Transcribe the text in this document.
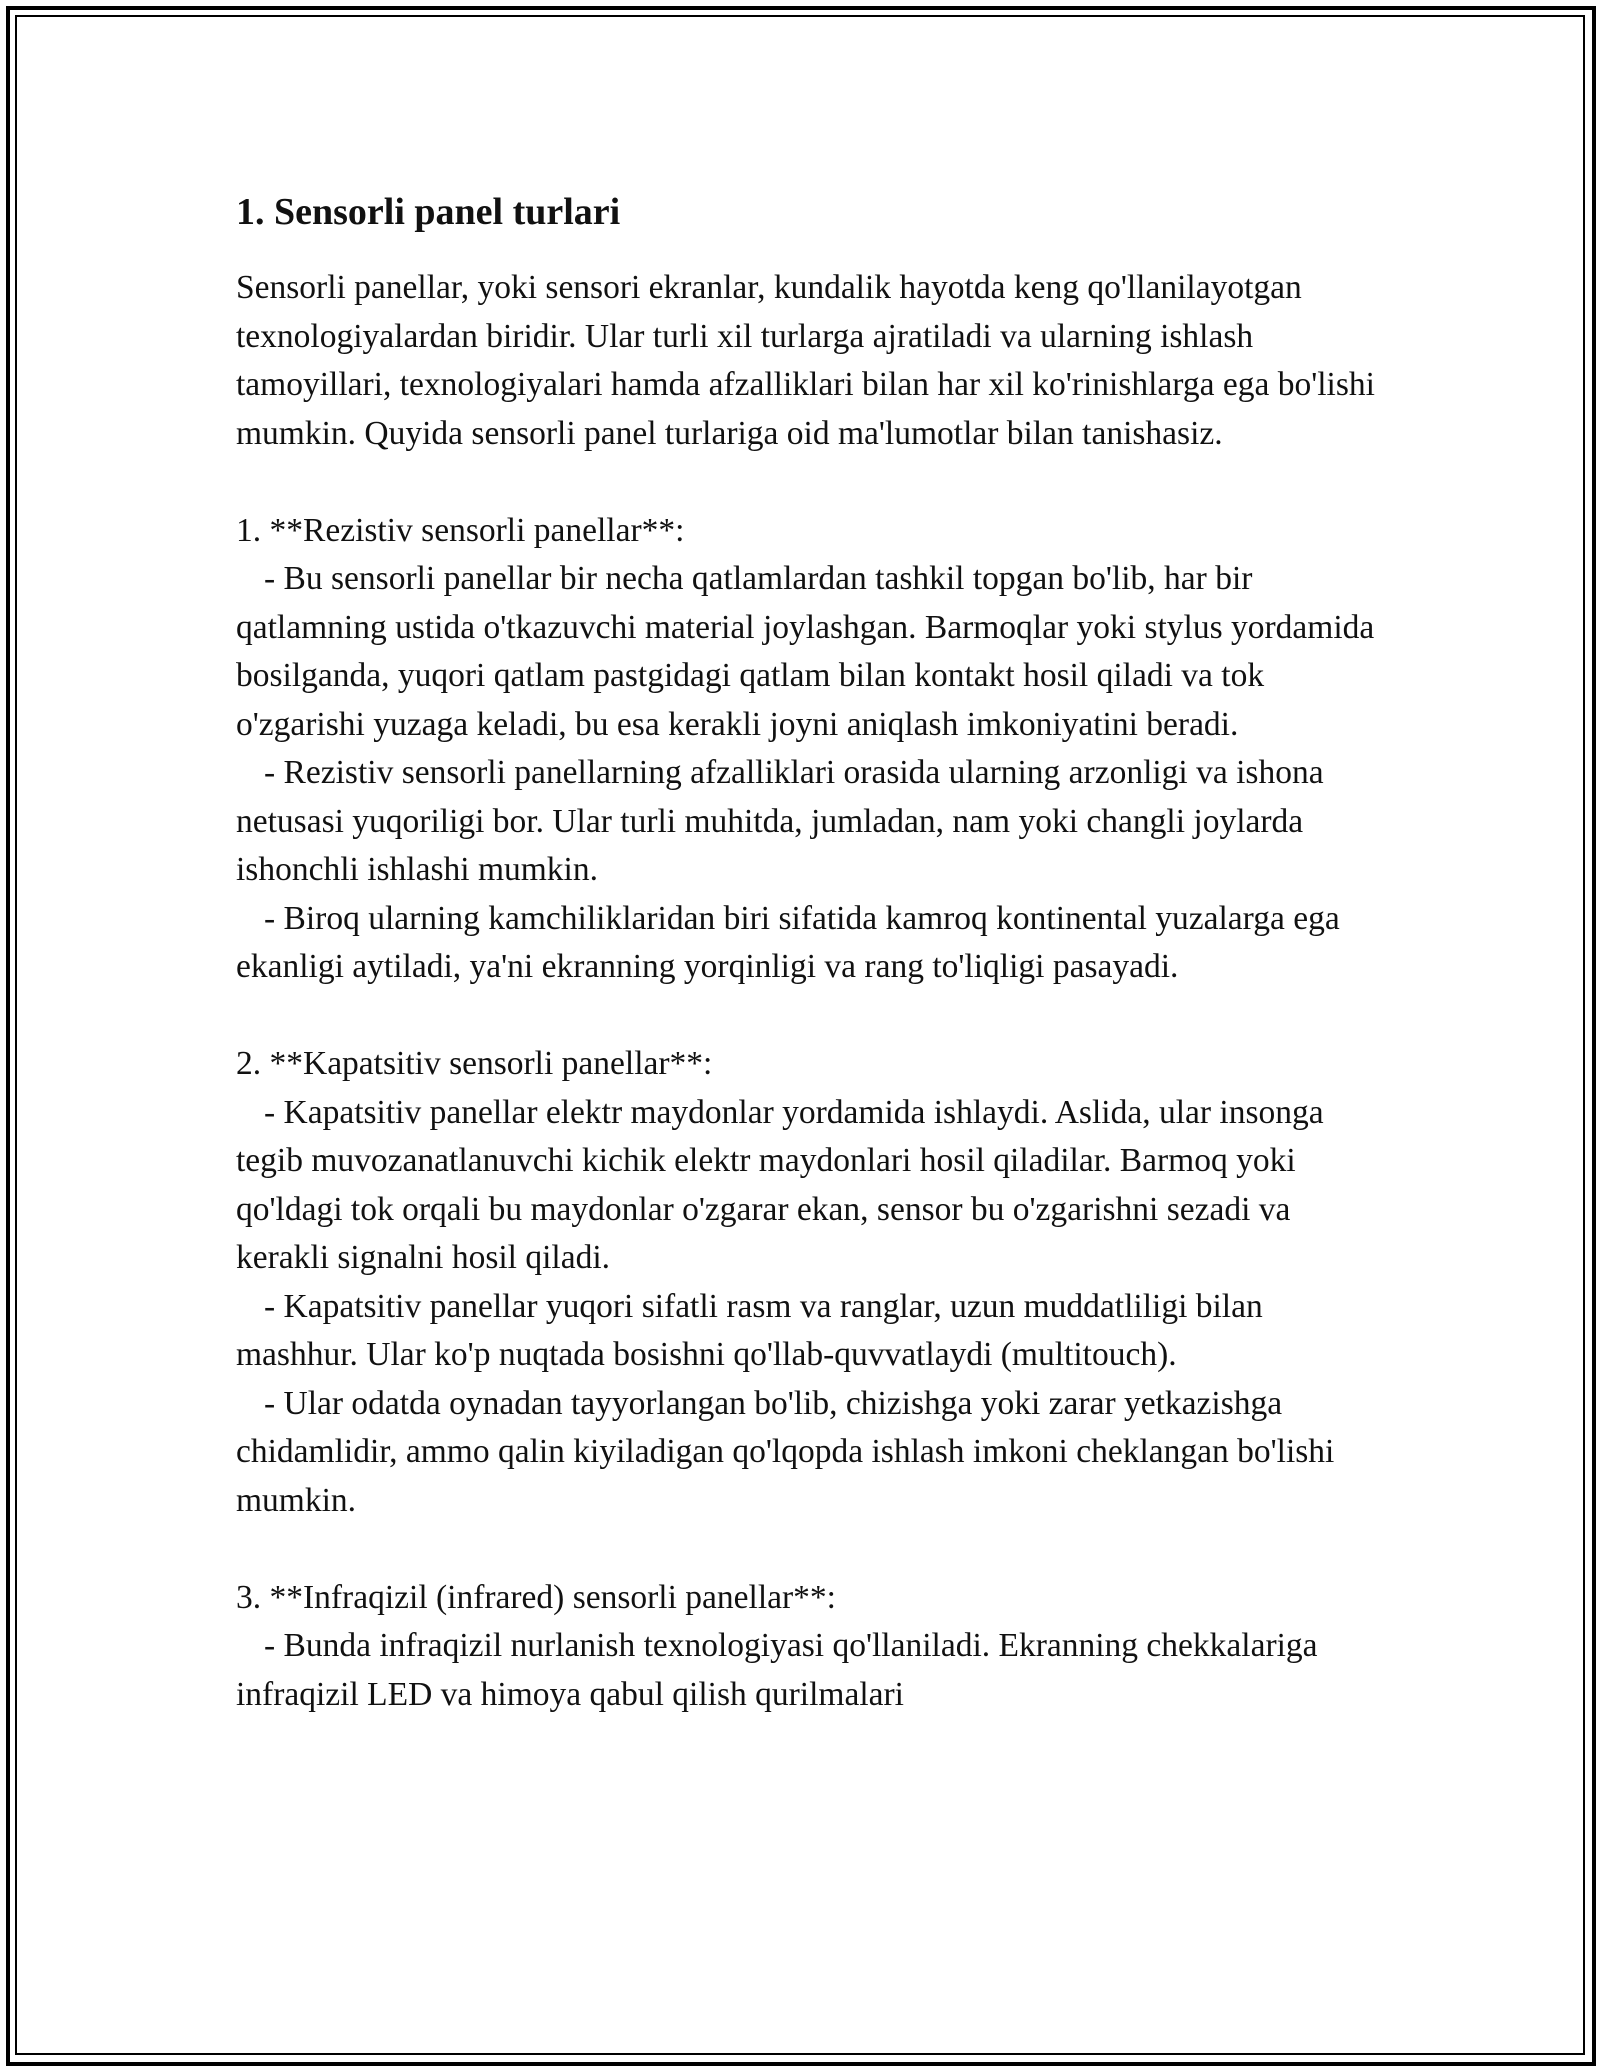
1. Sensorli panel turlari

Sensorli panellar, yoki sensori ekranlar, kundalik hayotda keng qo'llanilayotgan texnologiyalardan biridir. Ular turli xil turlarga ajratiladi va ularning ishlash tamoyillari, texnologiyalari hamda afzalliklari bilan har xil ko'rinishlarga ega bo'lishi mumkin. Quyida sensorli panel turlariga oid ma'lumotlar bilan tanishasiz.

1. **Rezistiv sensorli panellar**:

- Bu sensorli panellar bir necha qatlamlardan tashkil topgan bo'lib, har bir qatlamning ustida o'tkazuvchi material joylashgan. Barmoqlar yoki stylus yordamida bosilganda, yuqori qatlam pastgidagi qatlam bilan kontakt hosil qiladi va tok o'zgarishi yuzaga keladi, bu esa kerakli joyni aniqlash imkoniyatini beradi.

- Rezistiv sensorli panellarning afzalliklari orasida ularning arzonligi va ishona netusasi yuqoriligi bor. Ular turli muhitda, jumladan, nam yoki changli joylarda ishonchli ishlashi mumkin.

- Biroq ularning kamchiliklaridan biri sifatida kamroq kontinental yuzalarga ega ekanligi aytiladi, ya'ni ekranning yorqinligi va rang to'liqligi pasayadi.

2. **Kapatsitiv sensorli panellar**:

- Kapatsitiv panellar elektr maydonlar yordamida ishlaydi. Aslida, ular insonga tegib muvozanatlanuvchi kichik elektr maydonlari hosil qiladilar. Barmoq yoki qo'ldagi tok orqali bu maydonlar o'zgarar ekan, sensor bu o'zgarishni sezadi va kerakli signalni hosil qiladi.

- Kapatsitiv panellar yuqori sifatli rasm va ranglar, uzun muddatliligi bilan mashhur. Ular ko'p nuqtada bosishni qo'llab-quvvatlaydi (multitouch).

- Ular odatda oynadan tayyorlangan bo'lib, chizishga yoki zarar yetkazishga chidamlidir, ammo qalin kiyiladigan qo'lqopda ishlash imkoni cheklangan bo'lishi mumkin.

3. **Infraqizil (infrared) sensorli panellar**:

- Bunda infraqizil nurlanish texnologiyasi qo'llaniladi. Ekranning chekkalariga infraqizil LED va himoya qabul qilish qurilmalari
